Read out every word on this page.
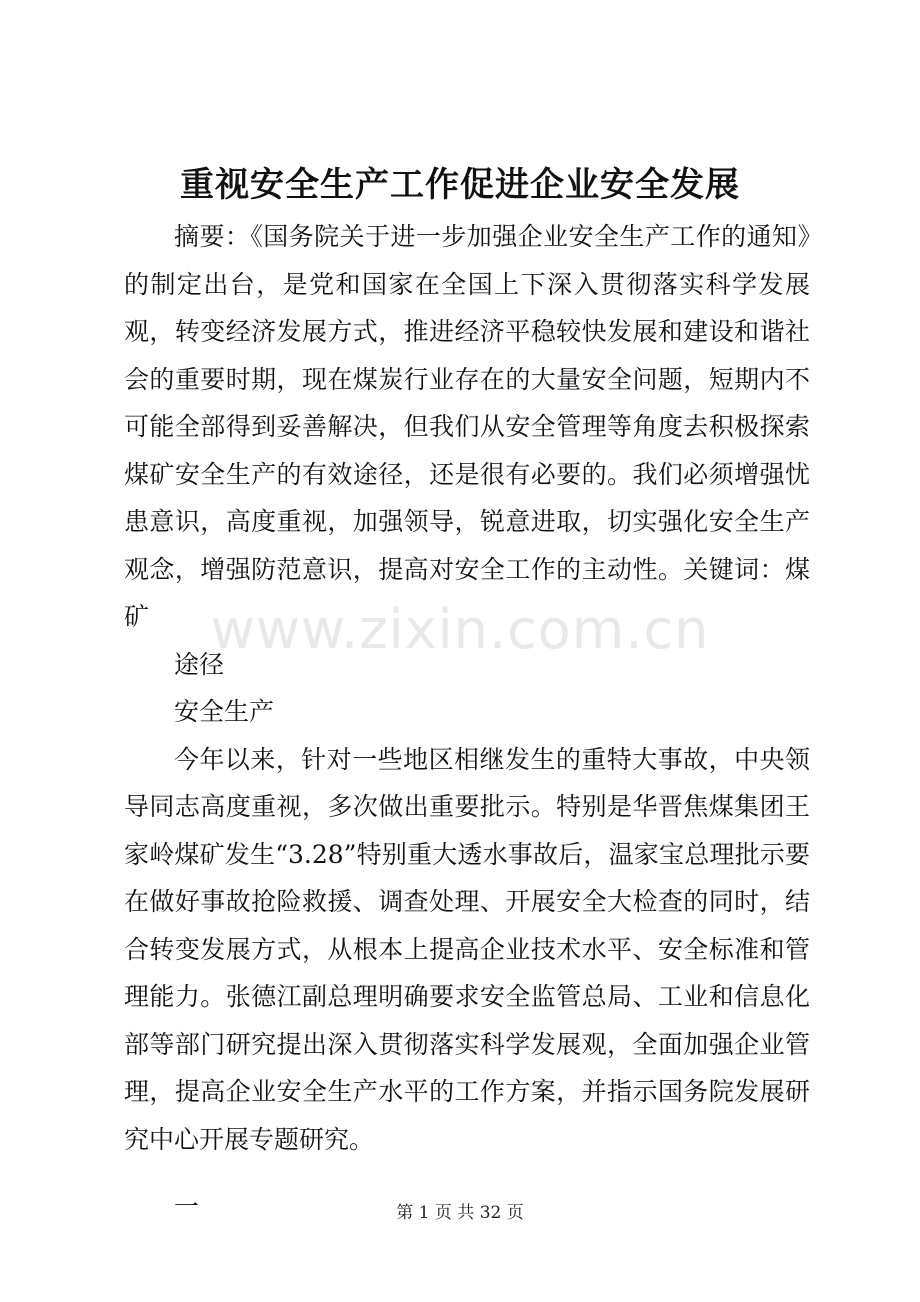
重视安全生产工作促进企业安全发展

摘要：《国务院关于进一步加强企业安全生产工作的通知》的制定出台，是党和国家在全国上下深入贯彻落实科学发展观，转变经济发展方式，推进经济平稳较快发展和建设和谐社会的重要时期，现在煤炭行业存在的大量安全问题，短期内不可能全部得到妥善解决，但我们从安全管理等角度去积极探索煤矿安全生产的有效途径，还是很有必要的。我们必须增强忧患意识，高度重视，加强领导，锐意进取，切实强化安全生产观念，增强防范意识，提高对安全工作的主动性。关键词：煤矿

途径

安全生产

今年以来，针对一些地区相继发生的重特大事故，中央领导同志高度重视，多次做出重要批示。特别是华晋焦煤集团王家岭煤矿发生“3.28”特别重大透水事故后，温家宝总理批示要在做好事故抢险救援、调查处理、开展安全大检查的同时，结合转变发展方式，从根本上提高企业技术水平、安全标准和管理能力。张德江副总理明确要求安全监管总局、工业和信息化部等部门研究提出深入贯彻落实科学发展观，全面加强企业管理，提高企业安全生产水平的工作方案，并指示国务院发展研究中心开展专题研究。

一

www.zixin.com.cn
第 1 页 共 32 页
